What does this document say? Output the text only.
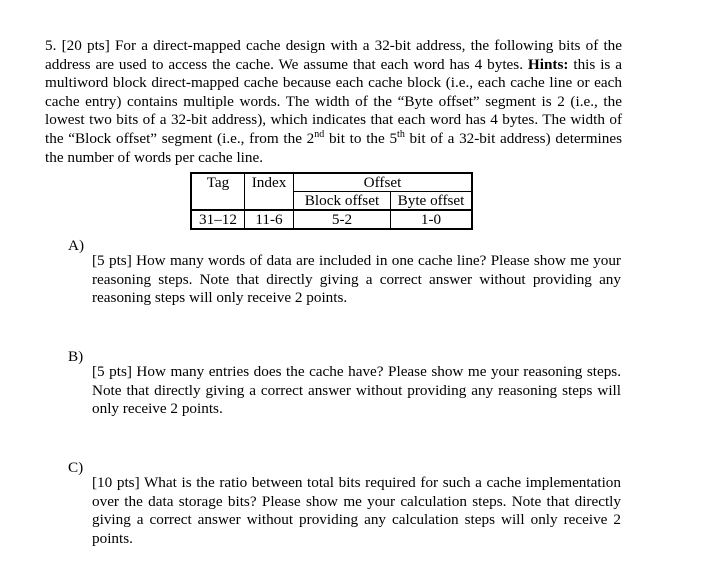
5. [20 pts] For a direct-mapped cache design with a 32-bit address, the following bits of the address are used to access the cache. We assume that each word has 4 bytes. Hints: this is a multiword block direct-mapped cache because each cache block (i.e., each cache line or each cache entry) contains multiple words. The width of the “Byte offset” segment is 2 (i.e., the lowest two bits of a 32-bit address), which indicates that each word has 4 bytes. The width of the “Block offset” segment (i.e., from the 2nd bit to the 5th bit of a 32-bit address) determines the number of words per cache line.

Tag	Index	Offset	
		Block offset	Byte offset
31–12	11-6	5-2	1-0
A)

[5 pts] How many words of data are included in one cache line? Please show me your reasoning steps. Note that directly giving a correct answer without providing any reasoning steps will only receive 2 points.

B)

[5 pts] How many entries does the cache have? Please show me your reasoning steps. Note that directly giving a correct answer without providing any reasoning steps will only receive 2 points.

C)

[10 pts] What is the ratio between total bits required for such a cache implementation over the data storage bits? Please show me your calculation steps. Note that directly giving a correct answer without providing any calculation steps will only receive 2 points.
